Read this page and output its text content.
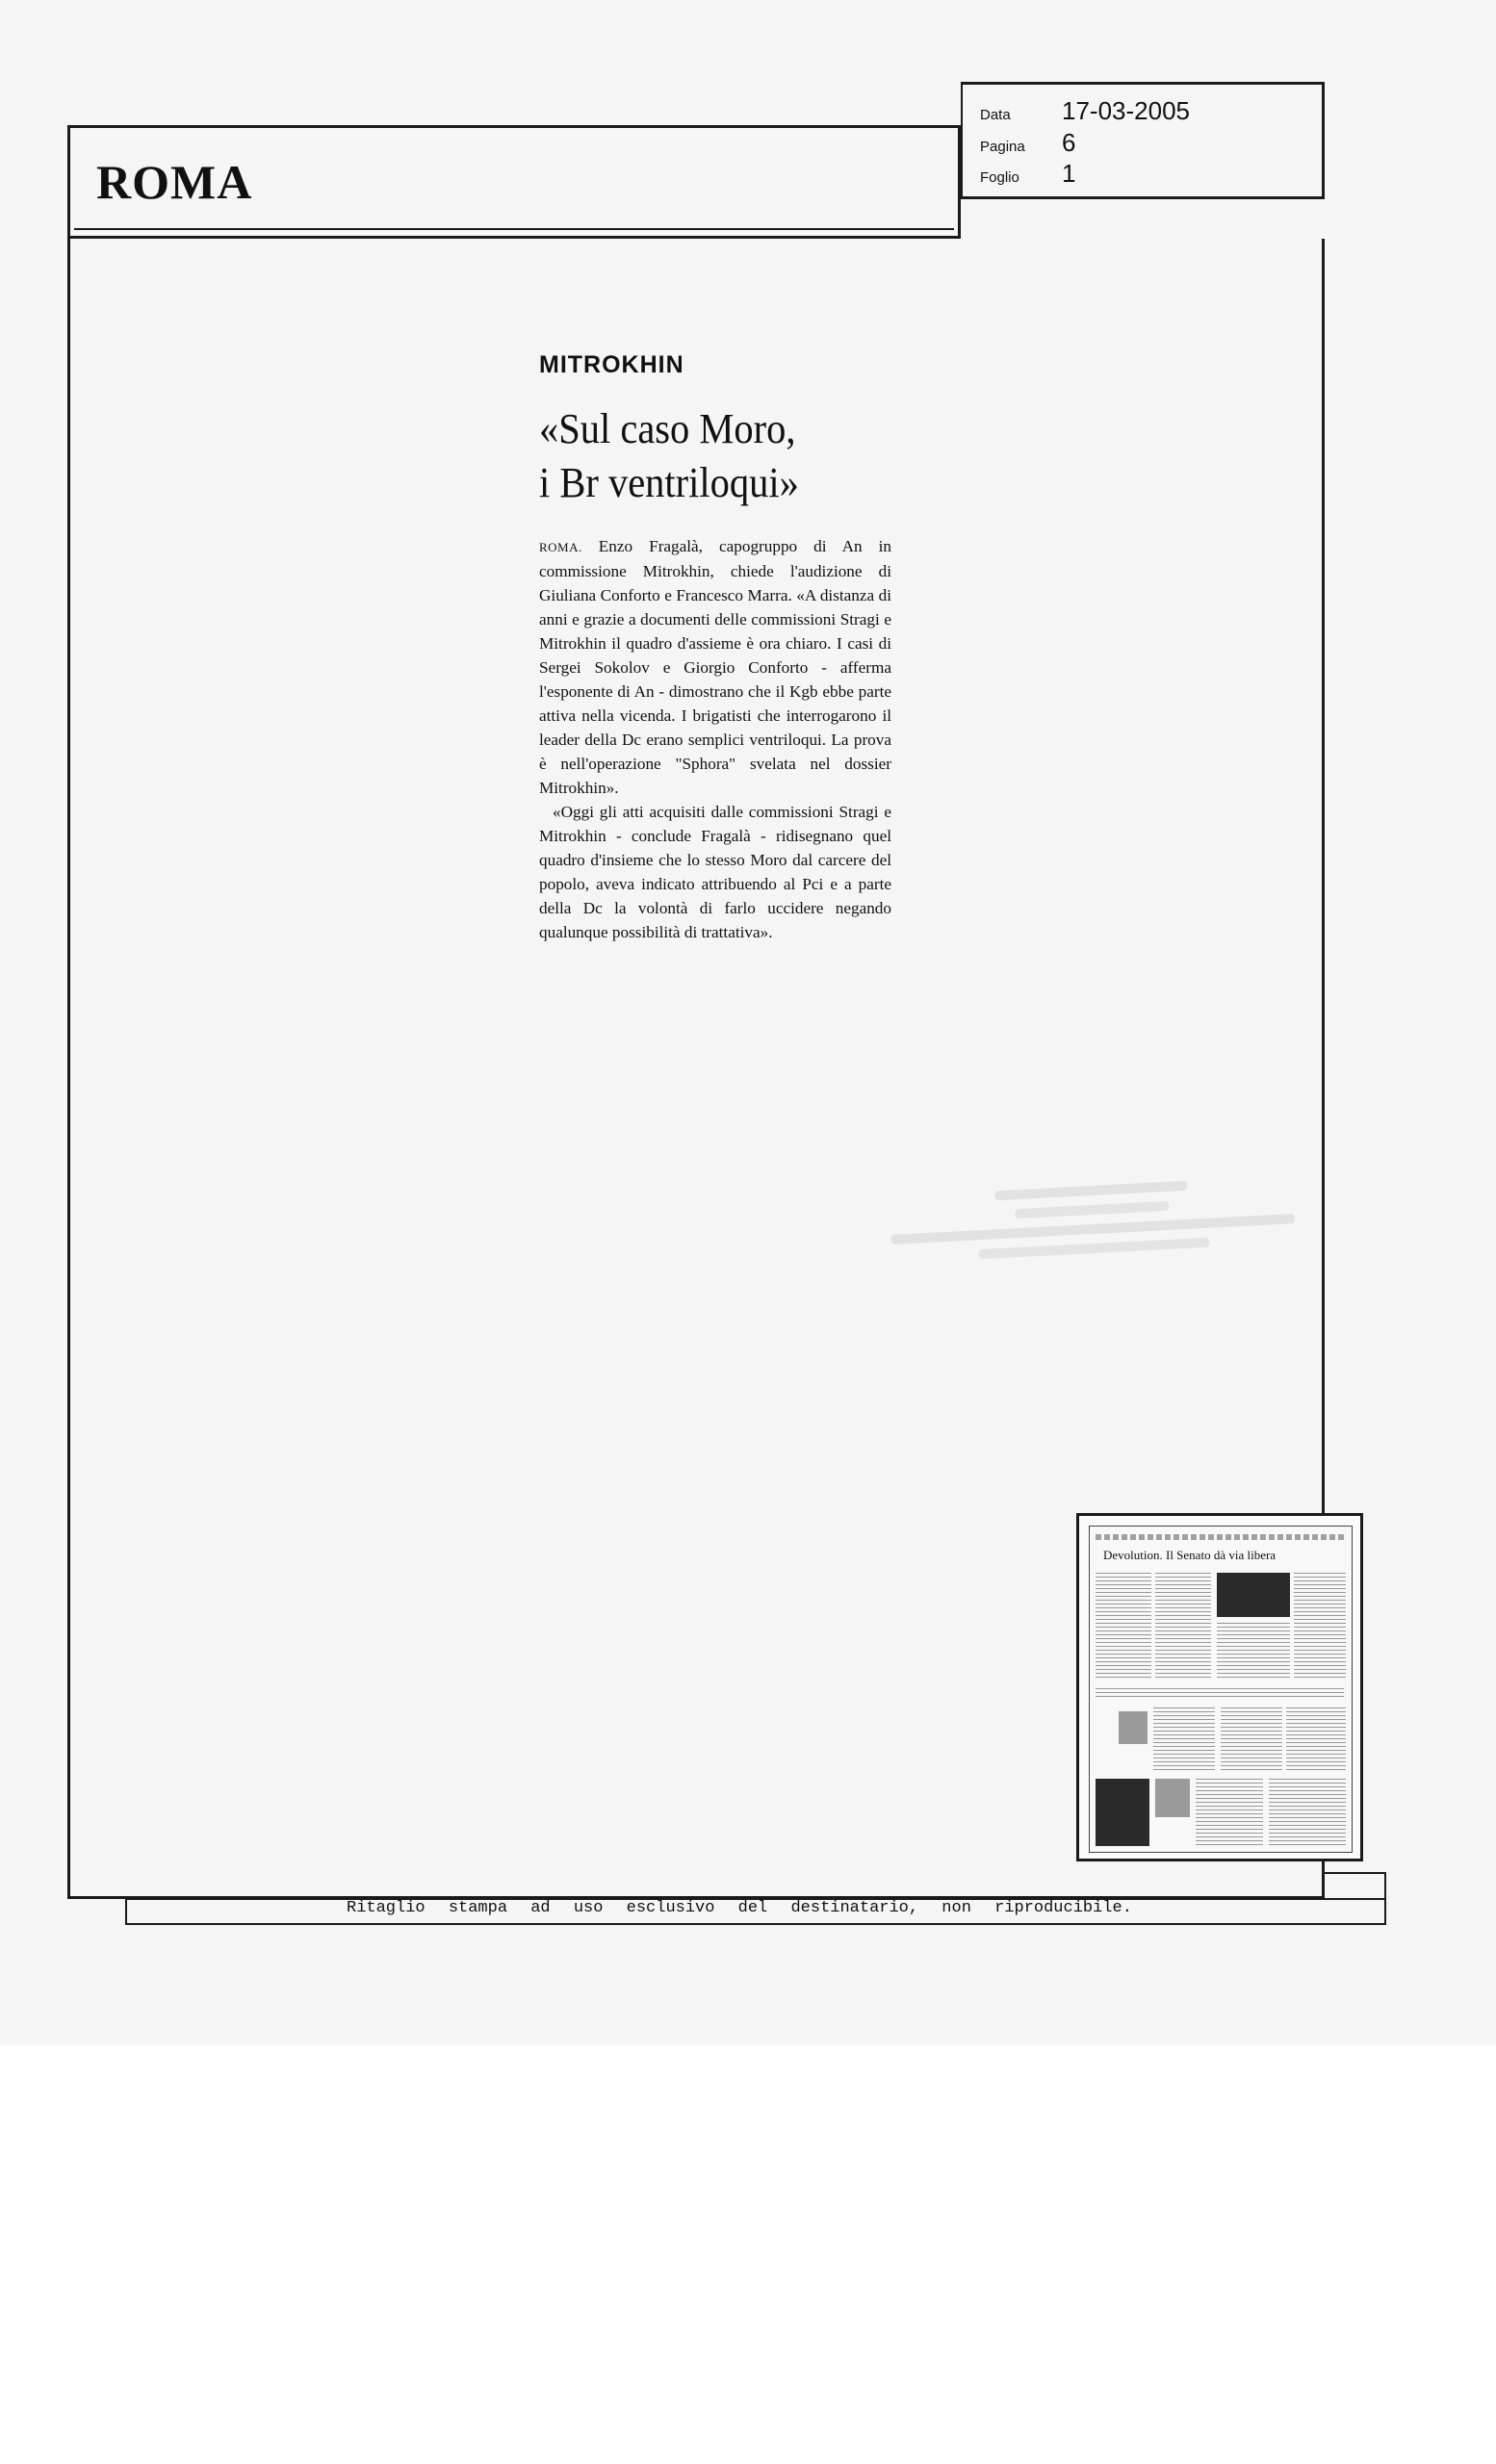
ROMA
Data	17-03-2005
Pagina	6
Foglio	1
MITROKHIN
«Sul caso Moro,
i Br ventriloqui»

ROMA. Enzo Fragalà, capogruppo di An in commissione Mitrokhin, chiede l'audizione di Giuliana Conforto e Francesco Marra. «A distanza di anni e grazie a documenti delle commissioni Stragi e Mitrokhin il quadro d'assieme è ora chiaro. I casi di Sergei Sokolov e Giorgio Conforto - afferma l'esponente di An - dimostrano che il Kgb ebbe parte attiva nella vicenda. I brigatisti che interrogarono il leader della Dc erano semplici ventriloqui. La prova è nell'operazione "Sphora" svelata nel dossier Mitrokhin».

«Oggi gli atti acquisiti dalle commissioni Stragi e Mitrokhin - conclude Fragalà - ridisegnano quel quadro d'insieme che lo stesso Moro dal carcere del popolo, aveva indicato attribuendo al Pci e a parte della Dc la volontà di farlo uccidere negando qualunque possibilità di trattativa».

Devolution. Il Senato dà via libera
Ritaglio stampa ad uso esclusivo del destinatario, non riproducibile.
